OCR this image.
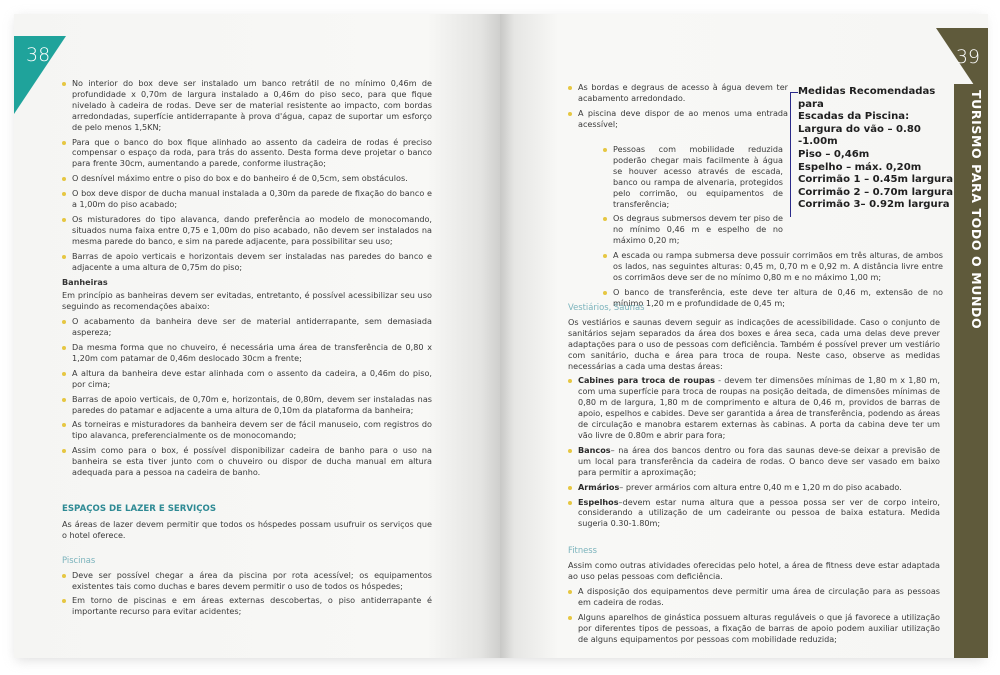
38
No interior do box deve ser instalado um banco retrátil de no mínimo 0,46m de profundidade x 0,70m de largura instalado a 0,46m do piso seco, para que fique nivelado à cadeira de rodas. Deve ser de material resistente ao impacto, com bordas arredondadas, superfície antiderrapante à prova d'água, capaz de suportar um esforço de pelo menos 1,5KN;
Para que o banco do box fique alinhado ao assento da cadeira de rodas é preciso compensar o espaço da roda, para trás do assento. Desta forma deve projetar o banco para frente 30cm, aumentando a parede, conforme ilustração;
O desnível máximo entre o piso do box e do banheiro é de 0,5cm, sem obstáculos.
O box deve dispor de ducha manual instalada a 0,30m da parede de fixação do banco e a 1,00m do piso acabado;
Os misturadores do tipo alavanca, dando preferência ao modelo de monocomando, situados numa faixa entre 0,75 e 1,00m do piso acabado, não devem ser instalados na mesma parede do banco, e sim na parede adjacente, para possibilitar seu uso;
Barras de apoio verticais e horizontais devem ser instaladas nas paredes do banco e adjacente a uma altura de 0,75m do piso;
Banheiras

Em princípio as banheiras devem ser evitadas, entretanto, é possível acessibilizar seu uso seguindo as recomendações abaixo:

O acabamento da banheira deve ser de material antiderrapante, sem demasiada aspereza;
Da mesma forma que no chuveiro, é necessária uma área de transferência de 0,80 x 1,20m com patamar de 0,46m deslocado 30cm a frente;
A altura da banheira deve estar alinhada com o assento da cadeira, a 0,46m do piso, por cima;
Barras de apoio verticais, de 0,70m e, horizontais, de 0,80m, devem ser instaladas nas paredes do patamar e adjacente a uma altura de 0,10m da plataforma da banheira;
As torneiras e misturadores da banheira devem ser de fácil manuseio, com registros do tipo alavanca, preferencialmente os de monocomando;
Assim como para o box, é possível disponibilizar cadeira de banho para o uso na banheira se esta tiver junto com o chuveiro ou dispor de ducha manual em altura adequada para a pessoa na cadeira de banho.
ESPAÇOS DE LAZER E SERVIÇOS

As áreas de lazer devem permitir que todos os hóspedes possam usufruir os serviços que o hotel oferece.

Piscinas
Deve ser possível chegar a área da piscina por rota acessível; os equipamentos existentes tais como duchas e bares devem permitir o uso de todos os hóspedes;
Em torno de piscinas e em áreas externas descobertas, o piso antiderrapante é importante recurso para evitar acidentes;
39
TURISMO PARA TODO O MUNDO
As bordas e degraus de acesso à água devem ter acabamento arredondado.
A piscina deve dispor de ao menos uma entrada acessível;
Medidas Recomendadas para
Escadas da Piscina:
Largura do vão – 0.80 -1.00m
Piso – 0,46m
Espelho – máx. 0,20m
Corrimão 1 – 0.45m largura
Corrimão 2 – 0.70m largura
Corrimão 3– 0.92m largura
Pessoas com mobilidade reduzida poderão chegar mais facilmente à água se houver acesso através de escada, banco ou rampa de alvenaria, protegidos pelo corrimão, ou equipamentos de transferência;
Os degraus submersos devem ter piso de no mínimo 0,46 m e espelho de no máximo 0,20 m;
A escada ou rampa submersa deve possuir corrimãos em três alturas, de ambos os lados, nas seguintes alturas: 0,45 m, 0,70 m e 0,92 m. A distância livre entre os corrimãos deve ser de no mínimo 0,80 m e no máximo 1,00 m;
O banco de transferência, este deve ter altura de 0,46 m, extensão de no mínimo 1,20 m e profundidade de 0,45 m;
Vestiários, Saunas

Os vestiários e saunas devem seguir as indicações de acessibilidade. Caso o conjunto de sanitários sejam separados da área dos boxes e área seca, cada uma delas deve prever adaptações para o uso de pessoas com deficiência. Também é possível prever um vestiário com sanitário, ducha e área para troca de roupa. Neste caso, observe as medidas necessárias a cada uma destas áreas:

Cabines para troca de roupas - devem ter dimensões mínimas de 1,80 m x 1,80 m, com uma superfície para troca de roupas na posição deitada, de dimensões mínimas de 0,80 m de largura, 1,80 m de comprimento e altura de 0,46 m, providos de barras de apoio, espelhos e cabides. Deve ser garantida a área de transferência, podendo as áreas de circulação e manobra estarem externas às cabinas. A porta da cabina deve ter um vão livre de 0.80m e abrir para fora;
Bancos– na área dos bancos dentro ou fora das saunas deve-se deixar a previsão de um local para transferência da cadeira de rodas. O banco deve ser vasado em baixo para permitir a aproximação;
Armários– prever armários com altura entre 0,40 m e 1,20 m do piso acabado.
Espelhos–devem estar numa altura que a pessoa possa ser ver de corpo inteiro, considerando a utilização de um cadeirante ou pessoa de baixa estatura. Medida sugeria 0.30-1.80m;
Fitness

Assim como outras atividades oferecidas pelo hotel, a área de fitness deve estar adaptada ao uso pelas pessoas com deficiência.

A disposição dos equipamentos deve permitir uma área de circulação para as pessoas em cadeira de rodas.
Alguns aparelhos de ginástica possuem alturas reguláveis o que já favorece a utilização por diferentes tipos de pessoas, a fixação de barras de apoio podem auxiliar utilização de alguns equipamentos por pessoas com mobilidade reduzida;
